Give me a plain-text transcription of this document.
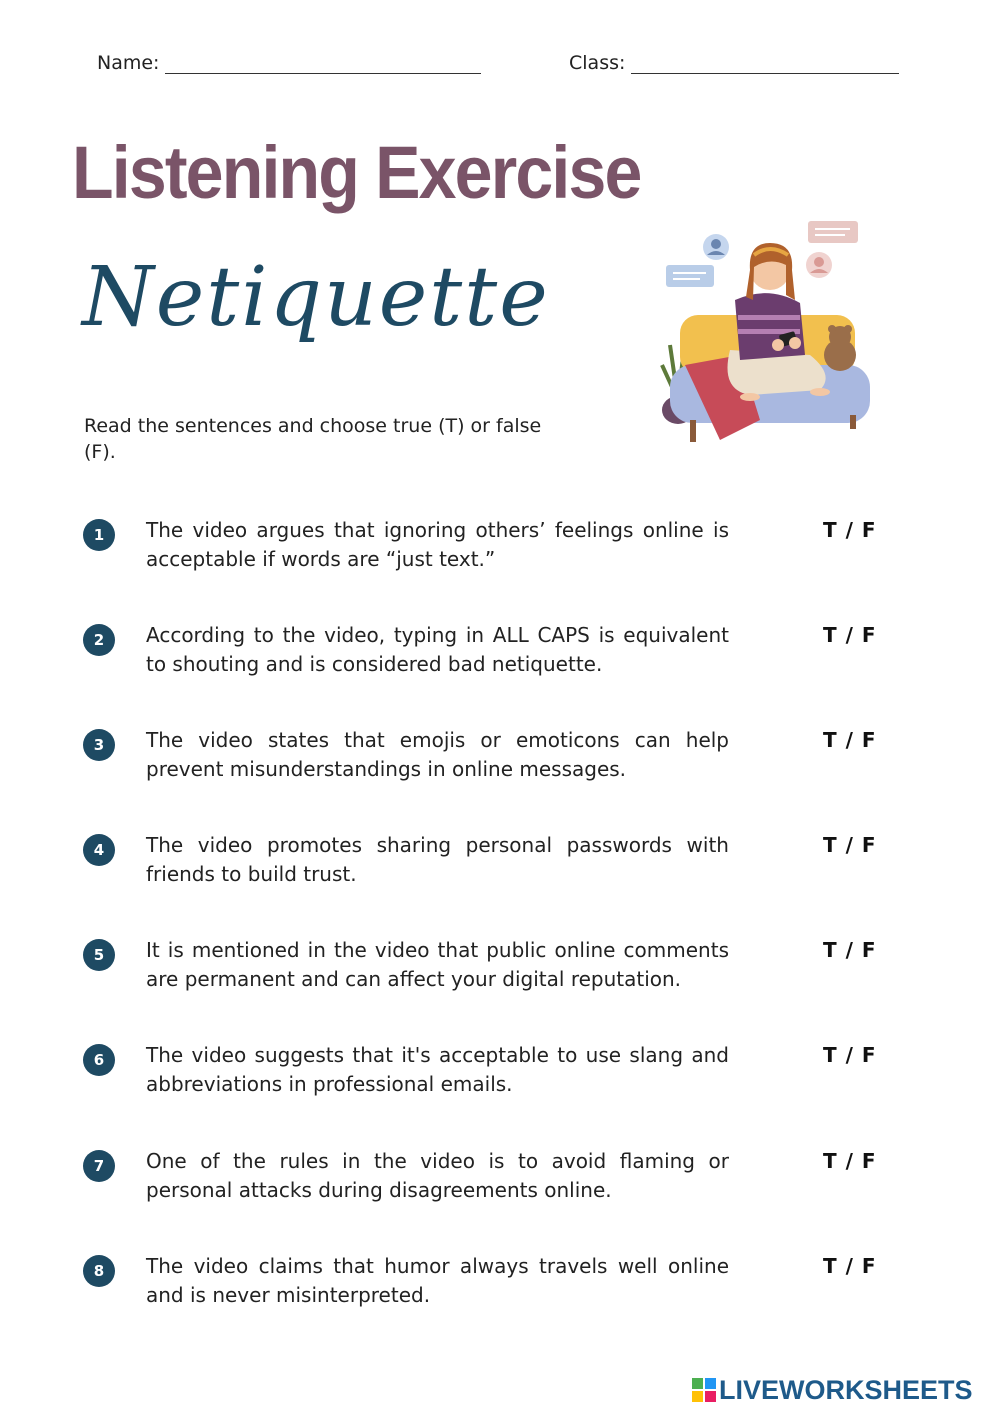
Name:	Class:
Listening Exercise
Netiquette
Read the sentences and choose true (T) or false (F).
1	The video argues that ignoring others’ feelings online is acceptable if words are “just text.”
T / F
2	According to the video, typing in ALL CAPS is equivalent to shouting and is considered bad netiquette.
T / F
3	The video states that emojis or emoticons can help prevent misunderstandings in online messages.
T / F
4	The video promotes sharing personal passwords with friends to build trust.
T / F
5	It is mentioned in the video that public online comments are permanent and can affect your digital reputation.
T / F
6	The video suggests that it's acceptable to use slang and abbreviations in professional emails.
T / F
7	One of the rules in the video is to avoid flaming or personal attacks during disagreements online.
T / F
8	The video claims that humor always travels well online and is never misinterpreted.
T / F
LIVEWORKSHEETS
